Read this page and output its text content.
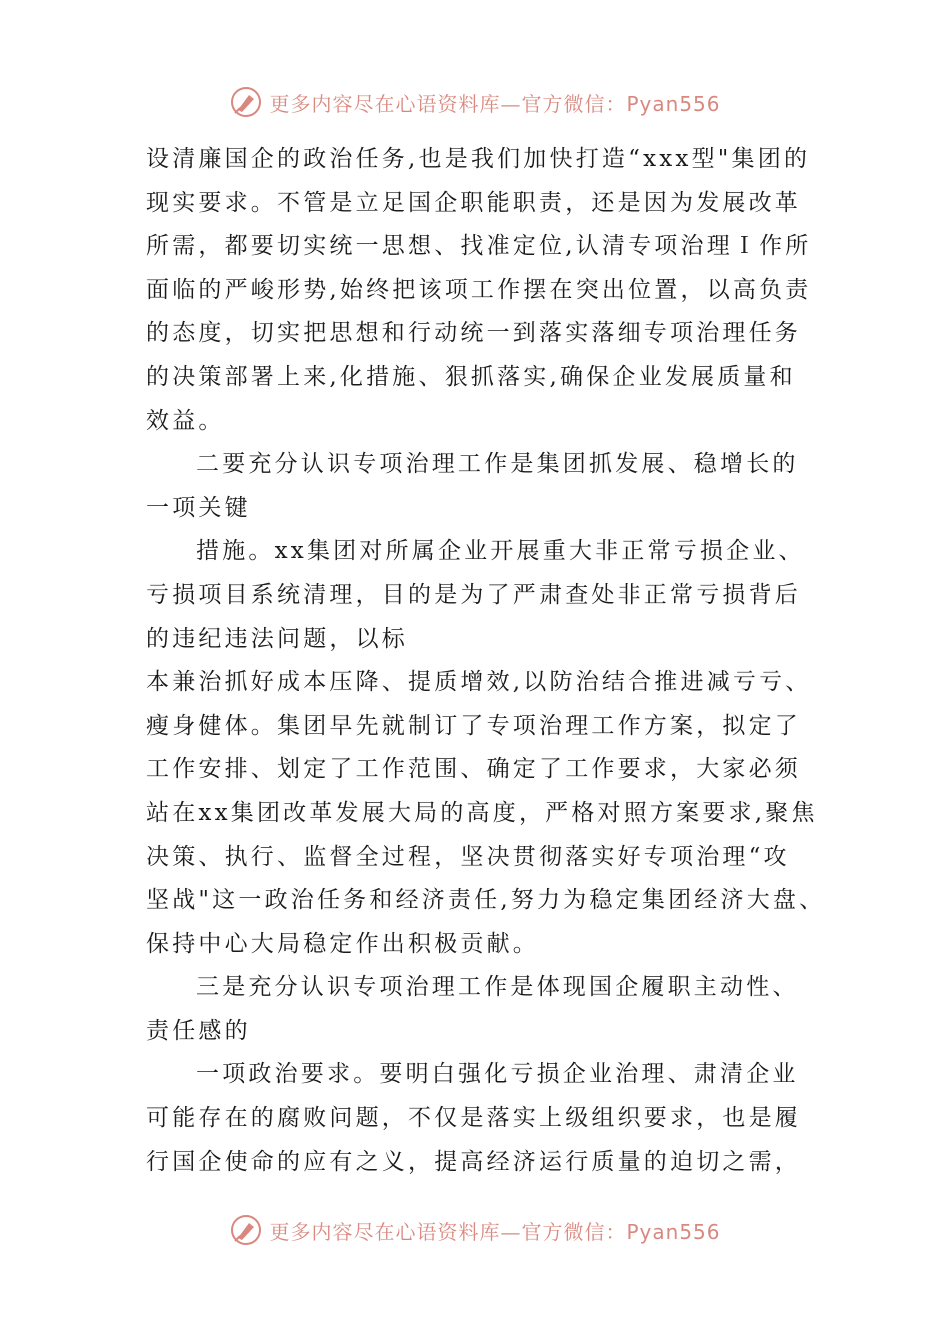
更多内容尽在心语资料库—官方微信：Pyan556
设清廉国企的政治任务,也是我们加快打造“xxx型"集团的
现实要求。不管是立足国企职能职责，还是因为发展改革
所需，都要切实统一思想、找准定位,认清专项治理Ｉ作所
面临的严峻形势,始终把该项工作摆在突出位置，以高负责
的态度，切实把思想和行动统一到落实落细专项治理任务
的决策部署上来,化措施、狠抓落实,确保企业发展质量和
效益。
二要充分认识专项治理工作是集团抓发展、稳增长的
一项关键
措施。xx集团对所属企业开展重大非正常亏损企业、
亏损项目系统清理，目的是为了严肃查处非正常亏损背后
的违纪违法问题，以标
本兼治抓好成本压降、提质增效,以防治结合推进减亏亏、
瘦身健体。集团早先就制订了专项治理工作方案，拟定了
工作安排、划定了工作范围、确定了工作要求，大家必须
站在xx集团改革发展大局的高度，严格对照方案要求,聚焦
决策、执行、监督全过程，坚决贯彻落实好专项治理“攻
坚战"这一政治任务和经济责任,努力为稳定集团经济大盘、
保持中心大局稳定作出积极贡献。
三是充分认识专项治理工作是体现国企履职主动性、
责任感的
一项政治要求。要明白强化亏损企业治理、肃清企业
可能存在的腐败问题，不仅是落实上级组织要求，也是履
行国企使命的应有之义，提高经济运行质量的迫切之需，
更多内容尽在心语资料库—官方微信：Pyan556
